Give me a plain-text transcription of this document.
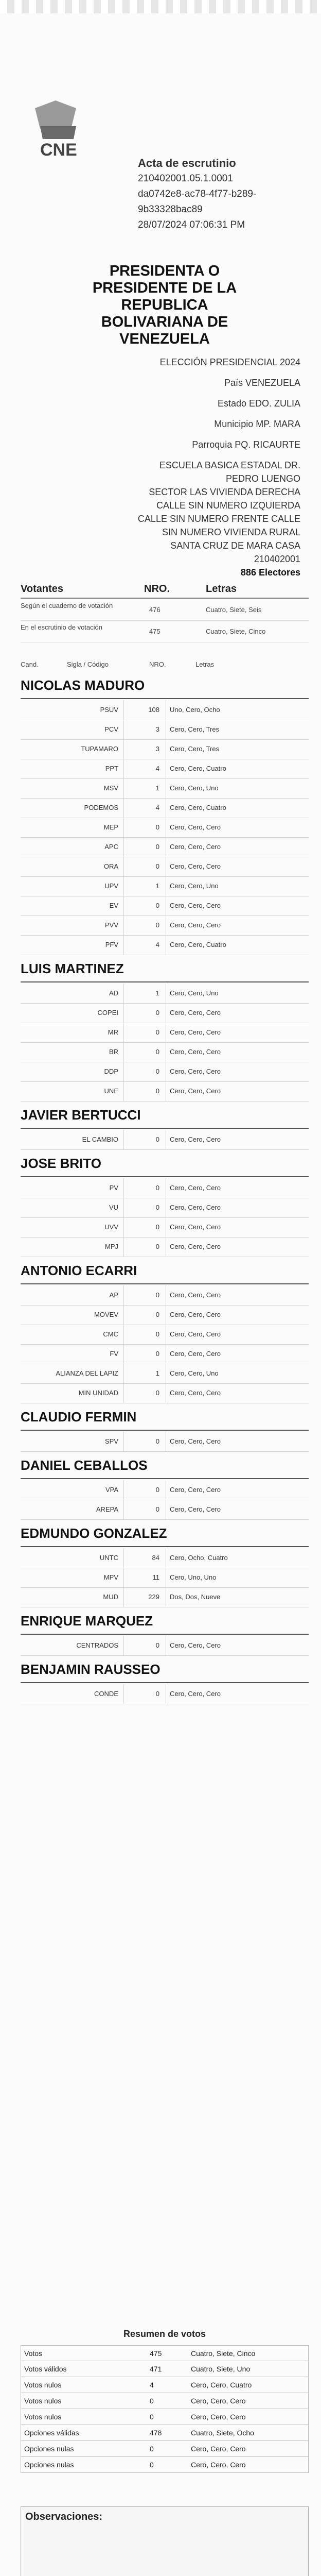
CNE
Acta de escrutinio
210402001.05.1.0001
da0742e8-ac78-4f77-b289-
9b33328bac89
28/07/2024 07:06:31 PM
PRESIDENTA O
PRESIDENTE DE LA
REPUBLICA
BOLIVARIANA DE
VENEZUELA
ELECCIÓN PRESIDENCIAL 2024
País VENEZUELA
Estado EDO. ZULIA
Municipio MP. MARA
Parroquia PQ. RICAURTE
ESCUELA BASICA ESTADAL DR.
PEDRO LUENGO
SECTOR LAS VIVIENDA DERECHA
CALLE SIN NUMERO IZQUIERDA
CALLE SIN NUMERO FRENTE CALLE
SIN NUMERO VIVIENDA RURAL
SANTA CRUZ DE MARA CASA
210402001
886 Electores
Votantes	NRO.	Letras
Según el cuaderno de votación
476	Cuatro, Siete, Seis
En el escrutinio de votación
475	Cuatro, Siete, Cinco
Cand.	Sigla / Código	NRO.	Letras
NICOLAS MADURO
PSUV	108 Uno, Cero, Ocho
PCV	3 Cero, Cero, Tres
TUPAMARO	3 Cero, Cero, Tres
PPT	4 Cero, Cero, Cuatro
MSV	1 Cero, Cero, Uno
PODEMOS	4 Cero, Cero, Cuatro
MEP	0 Cero, Cero, Cero
APC	0 Cero, Cero, Cero
ORA	0 Cero, Cero, Cero
UPV	1 Cero, Cero, Uno
EV	0 Cero, Cero, Cero
PVV	0 Cero, Cero, Cero
PFV	4 Cero, Cero, Cuatro
LUIS MARTINEZ
AD	1 Cero, Cero, Uno
COPEI	0 Cero, Cero, Cero
MR	0 Cero, Cero, Cero
BR	0 Cero, Cero, Cero
DDP	0 Cero, Cero, Cero
UNE	0 Cero, Cero, Cero
JAVIER BERTUCCI
EL CAMBIO	0 Cero, Cero, Cero
JOSE BRITO
PV	0 Cero, Cero, Cero
VU	0 Cero, Cero, Cero
UVV	0 Cero, Cero, Cero
MPJ	0 Cero, Cero, Cero
ANTONIO ECARRI
AP	0 Cero, Cero, Cero
MOVEV	0 Cero, Cero, Cero
CMC	0 Cero, Cero, Cero
FV	0 Cero, Cero, Cero
ALIANZA DEL LAPIZ	1 Cero, Cero, Uno
MIN UNIDAD	0 Cero, Cero, Cero
CLAUDIO FERMIN
SPV	0 Cero, Cero, Cero
DANIEL CEBALLOS
VPA	0 Cero, Cero, Cero
AREPA	0 Cero, Cero, Cero
EDMUNDO GONZALEZ
UNTC	84 Cero, Ocho, Cuatro
MPV	11 Cero, Uno, Uno
MUD	229 Dos, Dos, Nueve
ENRIQUE MARQUEZ
CENTRADOS	0 Cero, Cero, Cero
BENJAMIN RAUSSEO
CONDE	0 Cero, Cero, Cero
Resumen de votos
Votos	475	Cuatro, Siete, Cinco
Votos válidos	471	Cuatro, Siete, Uno
Votos nulos	4	Cero, Cero, Cuatro
Votos nulos	0	Cero, Cero, Cero
Votos nulos	0	Cero, Cero, Cero
Opciones válidas	478	Cuatro, Siete, Ocho
Opciones nulas	0	Cero, Cero, Cero
Opciones nulas	0	Cero, Cero, Cero
Observaciones:
